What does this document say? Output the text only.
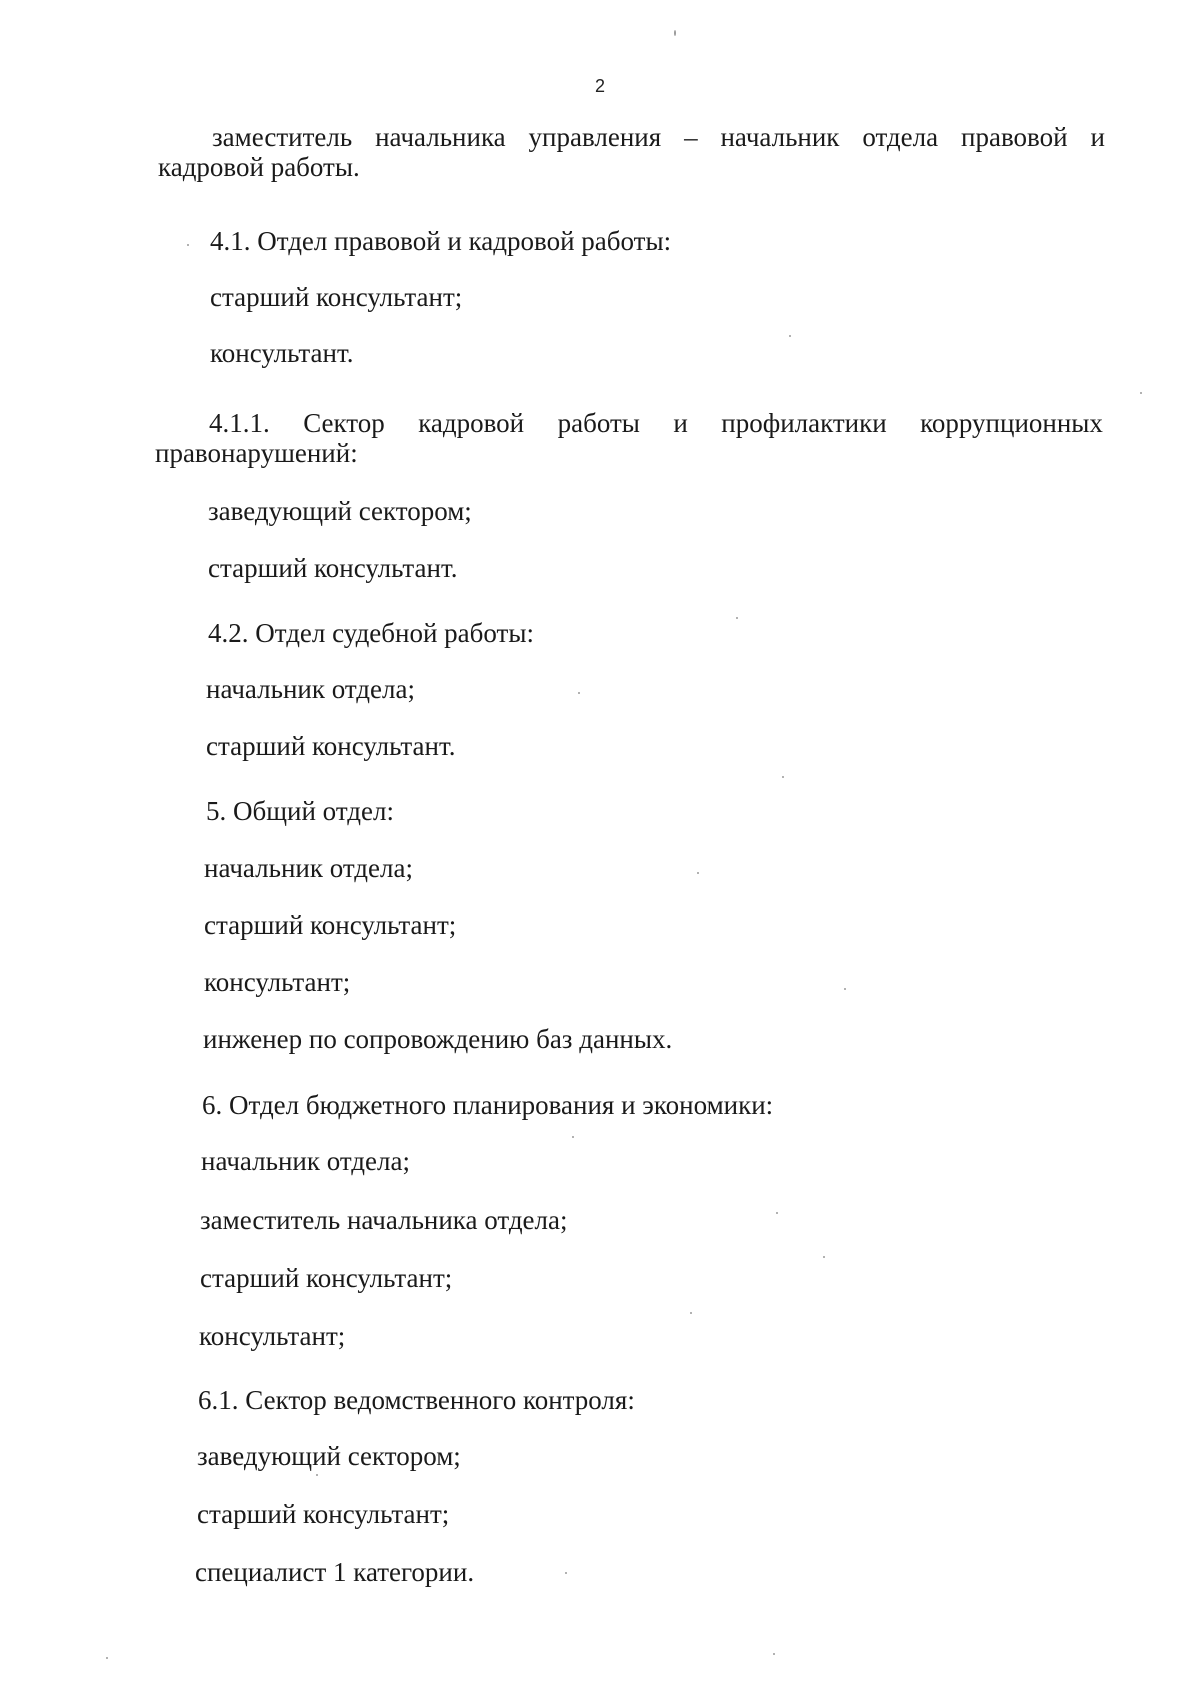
2
заместитель начальника управления – начальник отдела правовой и
кадровой работы.
4.1. Отдел правовой и кадровой работы:
старший консультант;
консультант.
4.1.1. Сектор кадровой работы и профилактики коррупционных
правонарушений:
заведующий сектором;
старший консультант.
4.2. Отдел судебной работы:
начальник отдела;
старший консультант.
5. Общий отдел:
начальник отдела;
старший консультант;
консультант;
инженер по сопровождению баз данных.
6. Отдел бюджетного планирования и экономики:
начальник отдела;
заместитель начальника отдела;
старший консультант;
консультант;
6.1. Сектор ведомственного контроля:
заведующий сектором;
старший консультант;
специалист 1 категории.
